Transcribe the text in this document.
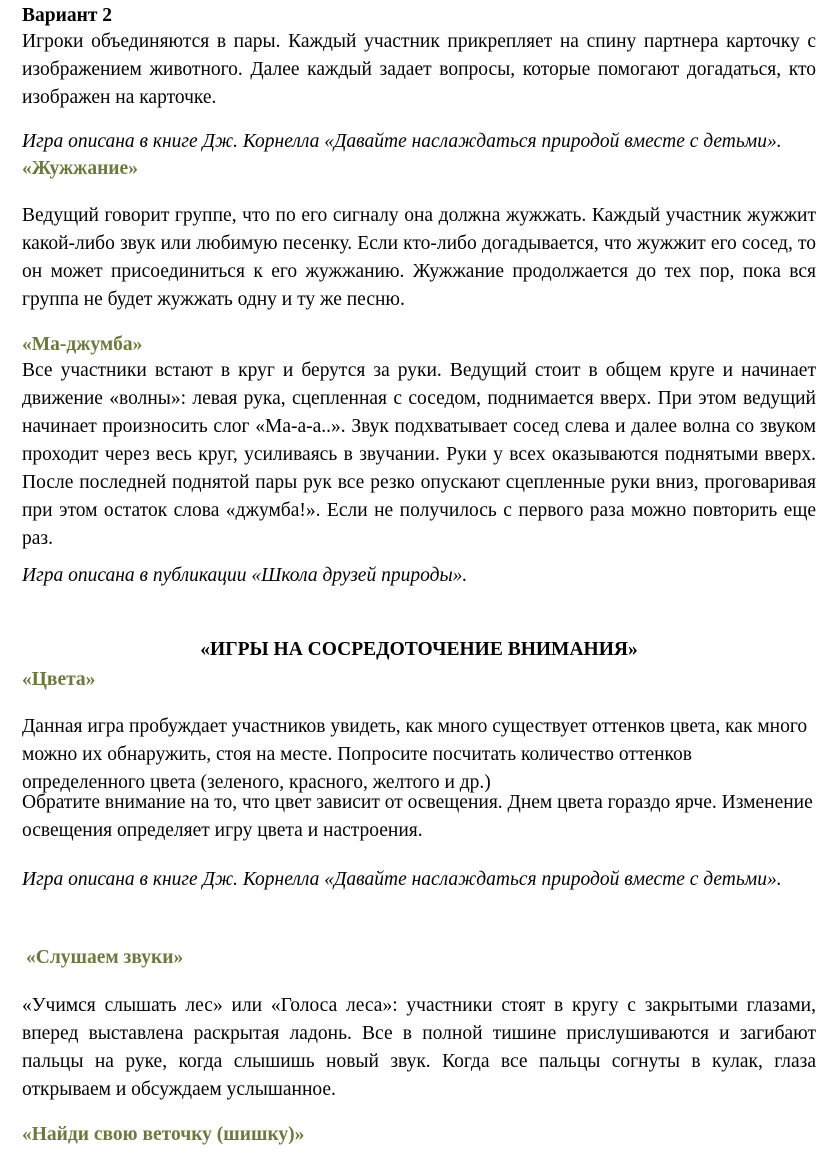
Вариант 2

Игроки объединяются в пары. Каждый участник прикрепляет на спину партнера карточку с изображением животного. Далее каждый задает вопросы, которые помогают догадаться, кто изображен на карточке.

Игра описана в книге Дж. Корнелла «Давайте наслаждаться природой вместе с детьми».

«Жужжание»

Ведущий говорит группе, что по его сигналу она должна жужжать. Каждый участник жужжит какой-либо звук или любимую песенку. Если кто-либо догадывается, что жужжит его сосед, то он может присоединиться к его жужжанию. Жужжание продолжается до тех пор, пока вся группа не будет жужжать одну и ту же песню.

«Ма-джумба»

Все участники встают в круг и берутся за руки. Ведущий стоит в общем круге и начинает движение «волны»: левая рука, сцепленная с соседом, поднимается вверх. При этом ведущий начинает произносить слог «Ма-а-а..». Звук подхватывает сосед слева и далее волна со звуком проходит через весь круг, усиливаясь в звучании. Руки у всех оказываются поднятыми вверх. После последней поднятой пары рук все резко опускают сцепленные руки вниз, проговаривая при этом остаток слова «джумба!». Если не получилось с первого раза можно повторить еще раз.

Игра описана в публикации «Школа друзей природы».

«ИГРЫ НА СОСРЕДОТОЧЕНИЕ ВНИМАНИЯ»

«Цвета»

Данная игра пробуждает участников увидеть, как много существует оттенков цвета, как много можно их обнаружить, стоя на месте. Попросите посчитать количество оттенков определенного цвета (зеленого, красного, желтого и др.)

Обратите внимание на то, что цвет зависит от освещения. Днем цвета гораздо ярче. Изменение освещения определяет игру цвета и настроения.

Игра описана в книге Дж. Корнелла «Давайте наслаждаться природой вместе с детьми».

«Слушаем звуки»

«Учимся слышать лес» или «Голоса леса»: участники стоят в кругу с закрытыми глазами, вперед выставлена раскрытая ладонь. Все в полной тишине прислушиваются и загибают пальцы на руке, когда слышишь новый звук. Когда все пальцы согнуты в кулак, глаза открываем и обсуждаем услышанное.

«Найди свою веточку (шишку)»
